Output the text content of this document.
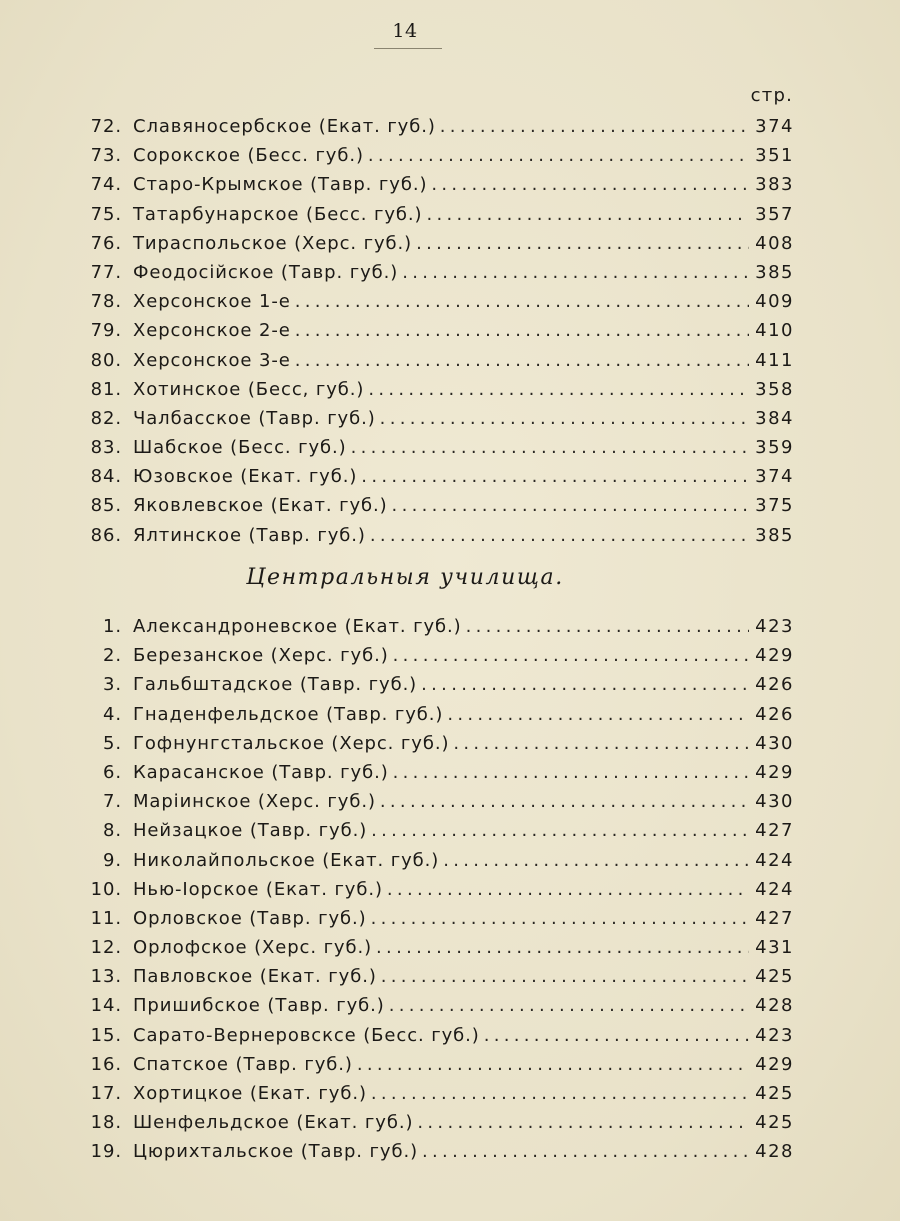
14
стр.
72. Славяносербское (Екат. губ.) .....	374
73. Сорокское (Бесс. губ.) .....	351
74. Старо-Крымское (Тавр. губ.) .....	383
75. Татарбунарское (Бесс. губ.) .....	357
76. Тираспольское (Херс. губ.) .....	408
77. Феодосійское (Тавр. губ.) .....	385
78. Херсонское 1-е .....	409
79. Херсонское 2-е .....	410
80. Херсонское 3-е .....	411
81. Хотинское (Бесс, губ.) .....	358
82. Чалбасское (Тавр. губ.) .....	384
83. Шабское (Бесс. губ.) .....	359
84. Юзовское (Екат. губ.) .....	374
85. Яковлевское (Екат. губ.) .....	375
86. Ялтинское (Тавр. губ.) .....	385
Центральныя училища.
1. Александроневское (Екат. губ.) .....	423
2. Березанское (Херс. губ.) .....	429
3. Гальбштадское (Тавр. губ.) .....	426
4. Гнаденфельдское (Тавр. губ.) .....	426
5. Гофнунгстальское (Херс. губ.) .....	430
6. Карасанское (Тавр. губ.) .....	429
7. Маріинское (Херс. губ.) .....	430
8. Нейзацкое (Тавр. губ.) .....	427
9. Николайпольское (Екат. губ.) .....	424
10. Нью-Іорское (Екат. губ.) .....	424
11. Орловское (Тавр. губ.) .....	427
12. Орлофское (Херс. губ.) .....	431
13. Павловское (Екат. губ.) .....	425
14. Пришибское (Тавр. губ.) .....	428
15. Сарато-Вернеровсксе (Бесс. губ.) .....	423
16. Спатское (Тавр. губ.) .....	429
17. Хортицкое (Екат. губ.) .....	425
18. Шенфельдское (Екат. губ.) .....	425
19. Цюрихтальское (Тавр. губ.) .....	428
